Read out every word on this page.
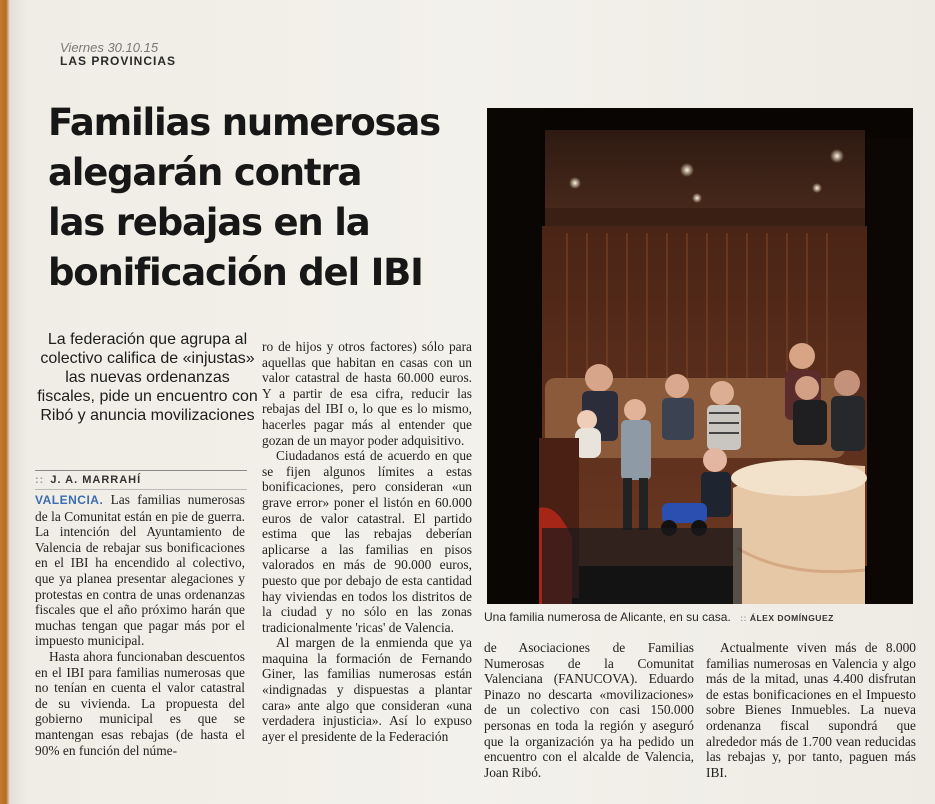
Viernes 30.10.15
LAS PROVINCIAS
Familias numerosas
alegarán contra
las rebajas en la
bonificación del IBI
La federación que agrupa al colectivo califica de «injustas» las nuevas ordenanzas fiscales, pide un encuentro con Ribó y anuncia movilizaciones
:: J. A. MARRAHÍ

VALENCIA. Las familias numerosas de la Comunitat están en pie de guerra. La intención del Ayuntamiento de Valencia de rebajar sus bonificaciones en el IBI ha encendido al colectivo, que ya planea presentar alegaciones y protestas en contra de unas ordenanzas fiscales que el año próximo harán que muchas tengan que pagar más por el impuesto municipal.

Hasta ahora funcionaban descuentos en el IBI para familias numerosas que no tenían en cuenta el valor catastral de su vivienda. La propuesta del gobierno municipal es que se mantengan esas rebajas (de hasta el 90% en función del núme-

ro de hijos y otros factores) sólo para aquellas que habitan en casas con un valor catastral de hasta 60.000 euros. Y a partir de esa cifra, reducir las rebajas del IBI o, lo que es lo mismo, hacerles pagar más al entender que gozan de un mayor poder adquisitivo.

Ciudadanos está de acuerdo en que se fijen algunos límites a estas bonificaciones, pero consideran «un grave error» poner el listón en 60.000 euros de valor catastral. El partido estima que las rebajas deberían aplicarse a las familias en pisos valorados en más de 90.000 euros, puesto que por debajo de esta cantidad hay viviendas en todos los distritos de la ciudad y no sólo en las zonas tradicionalmente 'ricas' de Valencia.

Al margen de la enmienda que ya maquina la formación de Fernando Giner, las familias numerosas están «indignadas y dispuestas a plantar cara» ante algo que consideran «una verdadera injusticia». Así lo expuso ayer el presidente de la Federación

Una familia numerosa de Alicante, en su casa. :: ÁLEX DOMÍNGUEZ

de Asociaciones de Familias Numerosas de la Comunitat Valenciana (FANUCOVA). Eduardo Pinazo no descarta «movilizaciones» de un colectivo con casi 150.000 personas en toda la región y aseguró que la organización ya ha pedido un encuentro con el alcalde de Valencia, Joan Ribó.

Actualmente viven más de 8.000 familias numerosas en Valencia y algo más de la mitad, unas 4.400 disfrutan de estas bonificaciones en el Impuesto sobre Bienes Inmuebles. La nueva ordenanza fiscal supondrá que alrededor más de 1.700 vean reducidas las rebajas y, por tanto, paguen más IBI.
